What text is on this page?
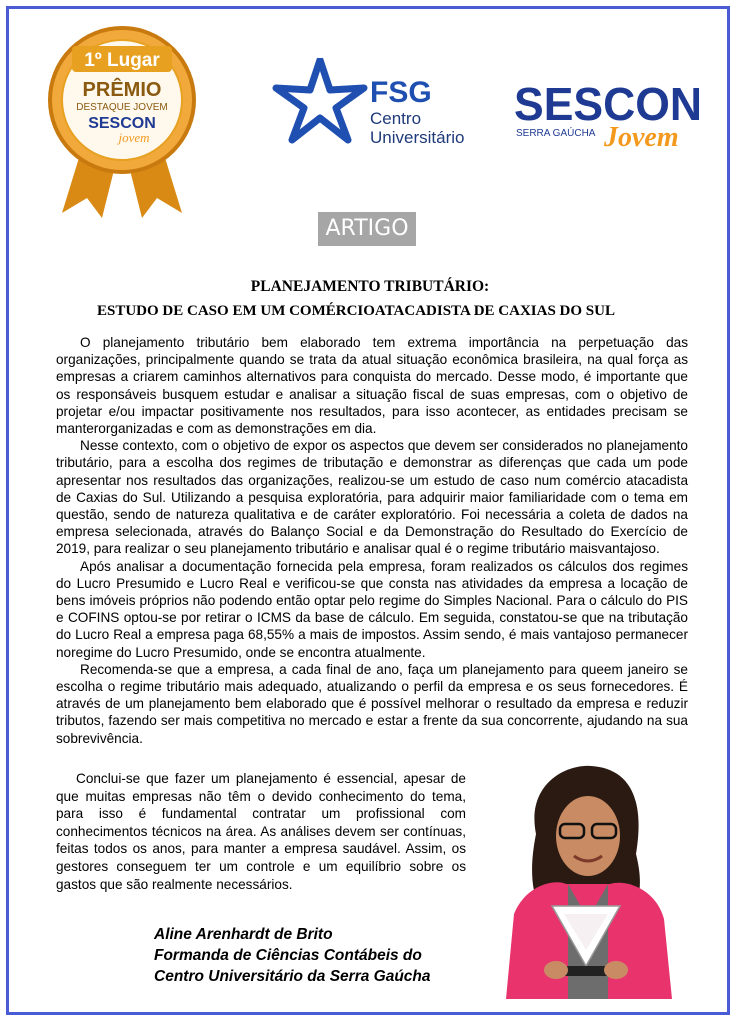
1º Lugar
PRÊMIO
DESTAQUE JOVEM
SESCON
jovem
FSG
Centro
Universitário
SESCON
SERRA GAÚCHA Jovem
ARTIGO
PLANEJAMENTO TRIBUTÁRIO:
ESTUDO DE CASO EM UM COMÉRCIOATACADISTA DE CAXIAS DO SUL

O planejamento tributário bem elaborado tem extrema importância na perpetuação das organizações, principalmente quando se trata da atual situação econômica brasileira, na qual força as empresas a criarem caminhos alternativos para conquista do mercado. Desse modo, é importante que os responsáveis busquem estudar e analisar a situação fiscal de suas empresas, com o objetivo de projetar e/ou impactar positivamente nos resultados, para isso acontecer, as entidades precisam se manterorganizadas e com as demonstrações em dia.

Nesse contexto, com o objetivo de expor os aspectos que devem ser considerados no planejamento tributário, para a escolha dos regimes de tributação e demonstrar as diferenças que cada um pode apresentar nos resultados das organizações, realizou-se um estudo de caso num comércio atacadista de Caxias do Sul. Utilizando a pesquisa exploratória, para adquirir maior familiaridade com o tema em questão, sendo de natureza qualitativa e de caráter exploratório. Foi necessária a coleta de dados na empresa selecionada, através do Balanço Social e da Demonstração do Resultado do Exercício de 2019, para realizar o seu planejamento tributário e analisar qual é o regime tributário maisvantajoso.

Após analisar a documentação fornecida pela empresa, foram realizados os cálculos dos regimes do Lucro Presumido e Lucro Real e verificou-se que consta nas atividades da empresa a locação de bens imóveis próprios não podendo então optar pelo regime do Simples Nacional. Para o cálculo do PIS e COFINS optou-se por retirar o ICMS da base de cálculo. Em seguida, constatou-se que na tributação do Lucro Real a empresa paga 68,55% a mais de impostos. Assim sendo, é mais vantajoso permanecer noregime do Lucro Presumido, onde se encontra atualmente.

Recomenda-se que a empresa, a cada final de ano, faça um planejamento para queem janeiro se escolha o regime tributário mais adequado, atualizando o perfil da empresa e os seus fornecedores. É através de um planejamento bem elaborado que é possível melhorar o resultado da empresa e reduzir tributos, fazendo ser mais competitiva no mercado e estar a frente da sua concorrente, ajudando na sua sobrevivência.

Conclui-se que fazer um planejamento é essencial, apesar de que muitas empresas não têm o devido conhecimento do tema, para isso é fundamental contratar um profissional com conhecimentos técnicos na área. As análises devem ser contínuas, feitas todos os anos, para manter a empresa saudável. Assim, os gestores conseguem ter um controle e um equilíbrio sobre os gastos que são realmente necessários.

Aline Arenhardt de Brito
Formanda de Ciências Contábeis do
Centro Universitário da Serra Gaúcha
